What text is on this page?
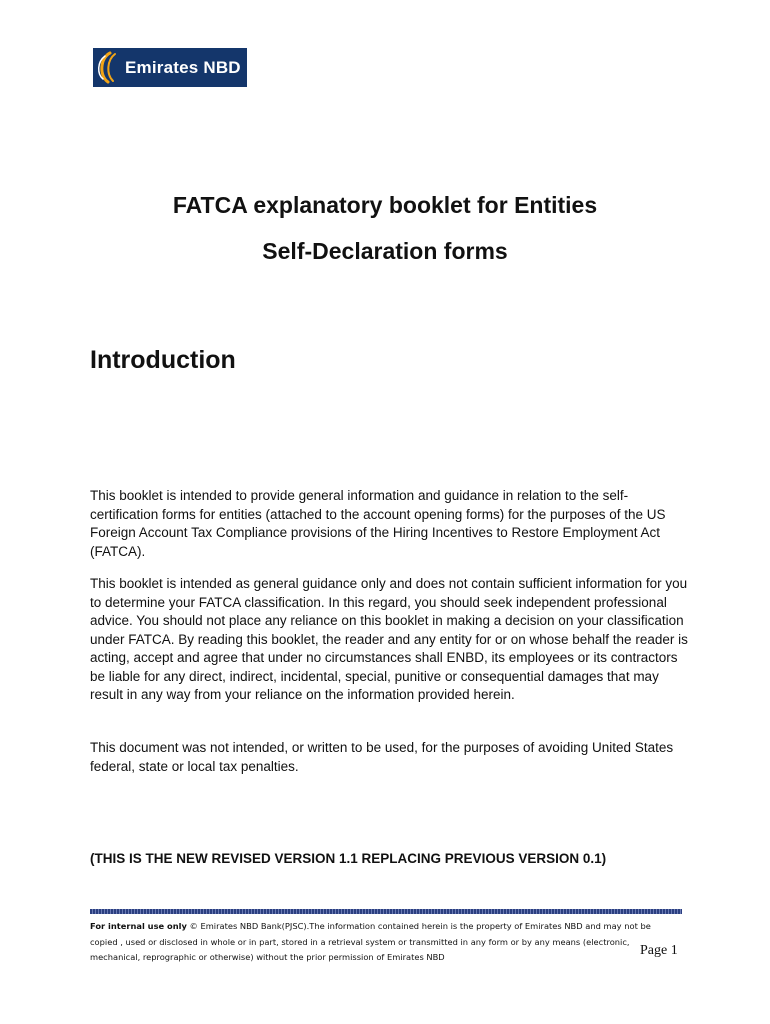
Emirates NBD
FATCA explanatory booklet for Entities
Self-Declaration forms
Introduction

This booklet is intended to provide general information and guidance in relation to the self-certification forms for entities (attached to the account opening forms) for the purposes of the US Foreign Account Tax Compliance provisions of the Hiring Incentives to Restore Employment Act (FATCA).

This booklet is intended as general guidance only and does not contain sufficient information for you to determine your FATCA classification. In this regard, you should seek independent professional advice. You should not place any reliance on this booklet in making a decision on your classification under FATCA. By reading this booklet, the reader and any entity for or on whose behalf the reader is acting, accept and agree that under no circumstances shall ENBD, its employees or its contractors be liable for any direct, indirect, incidental, special, punitive or consequential damages that may result in any way from your reliance on the information provided herein.

This document was not intended, or written to be used, for the purposes of avoiding United States federal, state or local tax penalties.

(THIS IS THE NEW REVISED VERSION 1.1 REPLACING PREVIOUS VERSION 0.1)
For internal use only © Emirates NBD Bank(PJSC).The information contained herein is the property of Emirates NBD and may not be copied , used or disclosed in whole or in part, stored in a retrieval system or transmitted in any form or by any means (electronic, mechanical, reprographic or otherwise) without the prior permission of Emirates NBD	Page 1
